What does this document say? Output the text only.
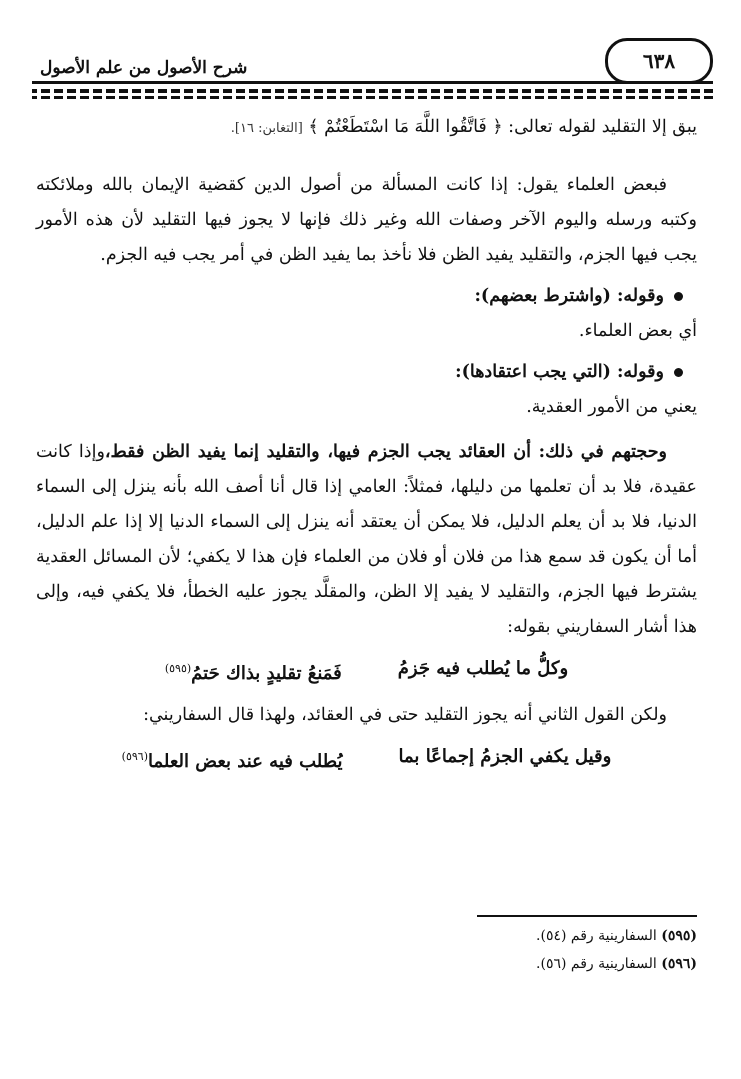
٦٣٨
شرح الأصول من علم الأصول

يبق إلا التقليد لقوله تعالى: ﴿ فَاتَّقُوا اللَّهَ مَا اسْتَطَعْتُمْ ﴾ [التغابن: ١٦].

فبعض العلماء يقول: إذا كانت المسألة من أصول الدين كقضية الإيمان بالله وملائكته وكتبه ورسله واليوم الآخر وصفات الله وغير ذلك فإنها لا يجوز فيها التقليد لأن هذه الأمور يجب فيها الجزم، والتقليد يفيد الظن فلا نأخذ بما يفيد الظن في أمر يجب فيه الجزم.

وقوله: (واشترط بعضهم):

أي بعض العلماء.

وقوله: (التي يجب اعتقادها):

يعني من الأمور العقدية.

وحجتهم في ذلك: أن العقائد يجب الجزم فيها، والتقليد إنما يفيد الظن فقط،وإذا كانت عقيدة، فلا بد أن تعلمها من دليلها، فمثلاً: العامي إذا قال أنا أصف الله بأنه ينزل إلى السماء الدنيا، فلا بد أن يعلم الدليل، فلا يمكن أن يعتقد أنه ينزل إلى السماء الدنيا إلا إذا علم الدليل، أما أن يكون قد سمع هذا من فلان أو فلان من العلماء فإن هذا لا يكفي؛ لأن المسائل العقدية يشترط فيها الجزم، والتقليد لا يفيد إلا الظن، والمقلَّد يجوز عليه الخطأ، فلا يكفي فيه، وإلى هذا أشار السفاريني بقوله:

وكلُّ ما يُطلب فيه جَزمُ
فَمَنعُ تقليدٍ بذاك حَتمُ$^{(٥٩٥)}$

ولكن القول الثاني أنه يجوز التقليد حتى في العقائد، ولهذا قال السفاريني:

وقيل يكفي الجزمُ إجماعًا بما
يُطلب فيه عند بعض العلما$^{(٥٩٦)}$
(٥٩٥) السفارينية رقم (٥٤).
(٥٩٦) السفارينية رقم (٥٦).
